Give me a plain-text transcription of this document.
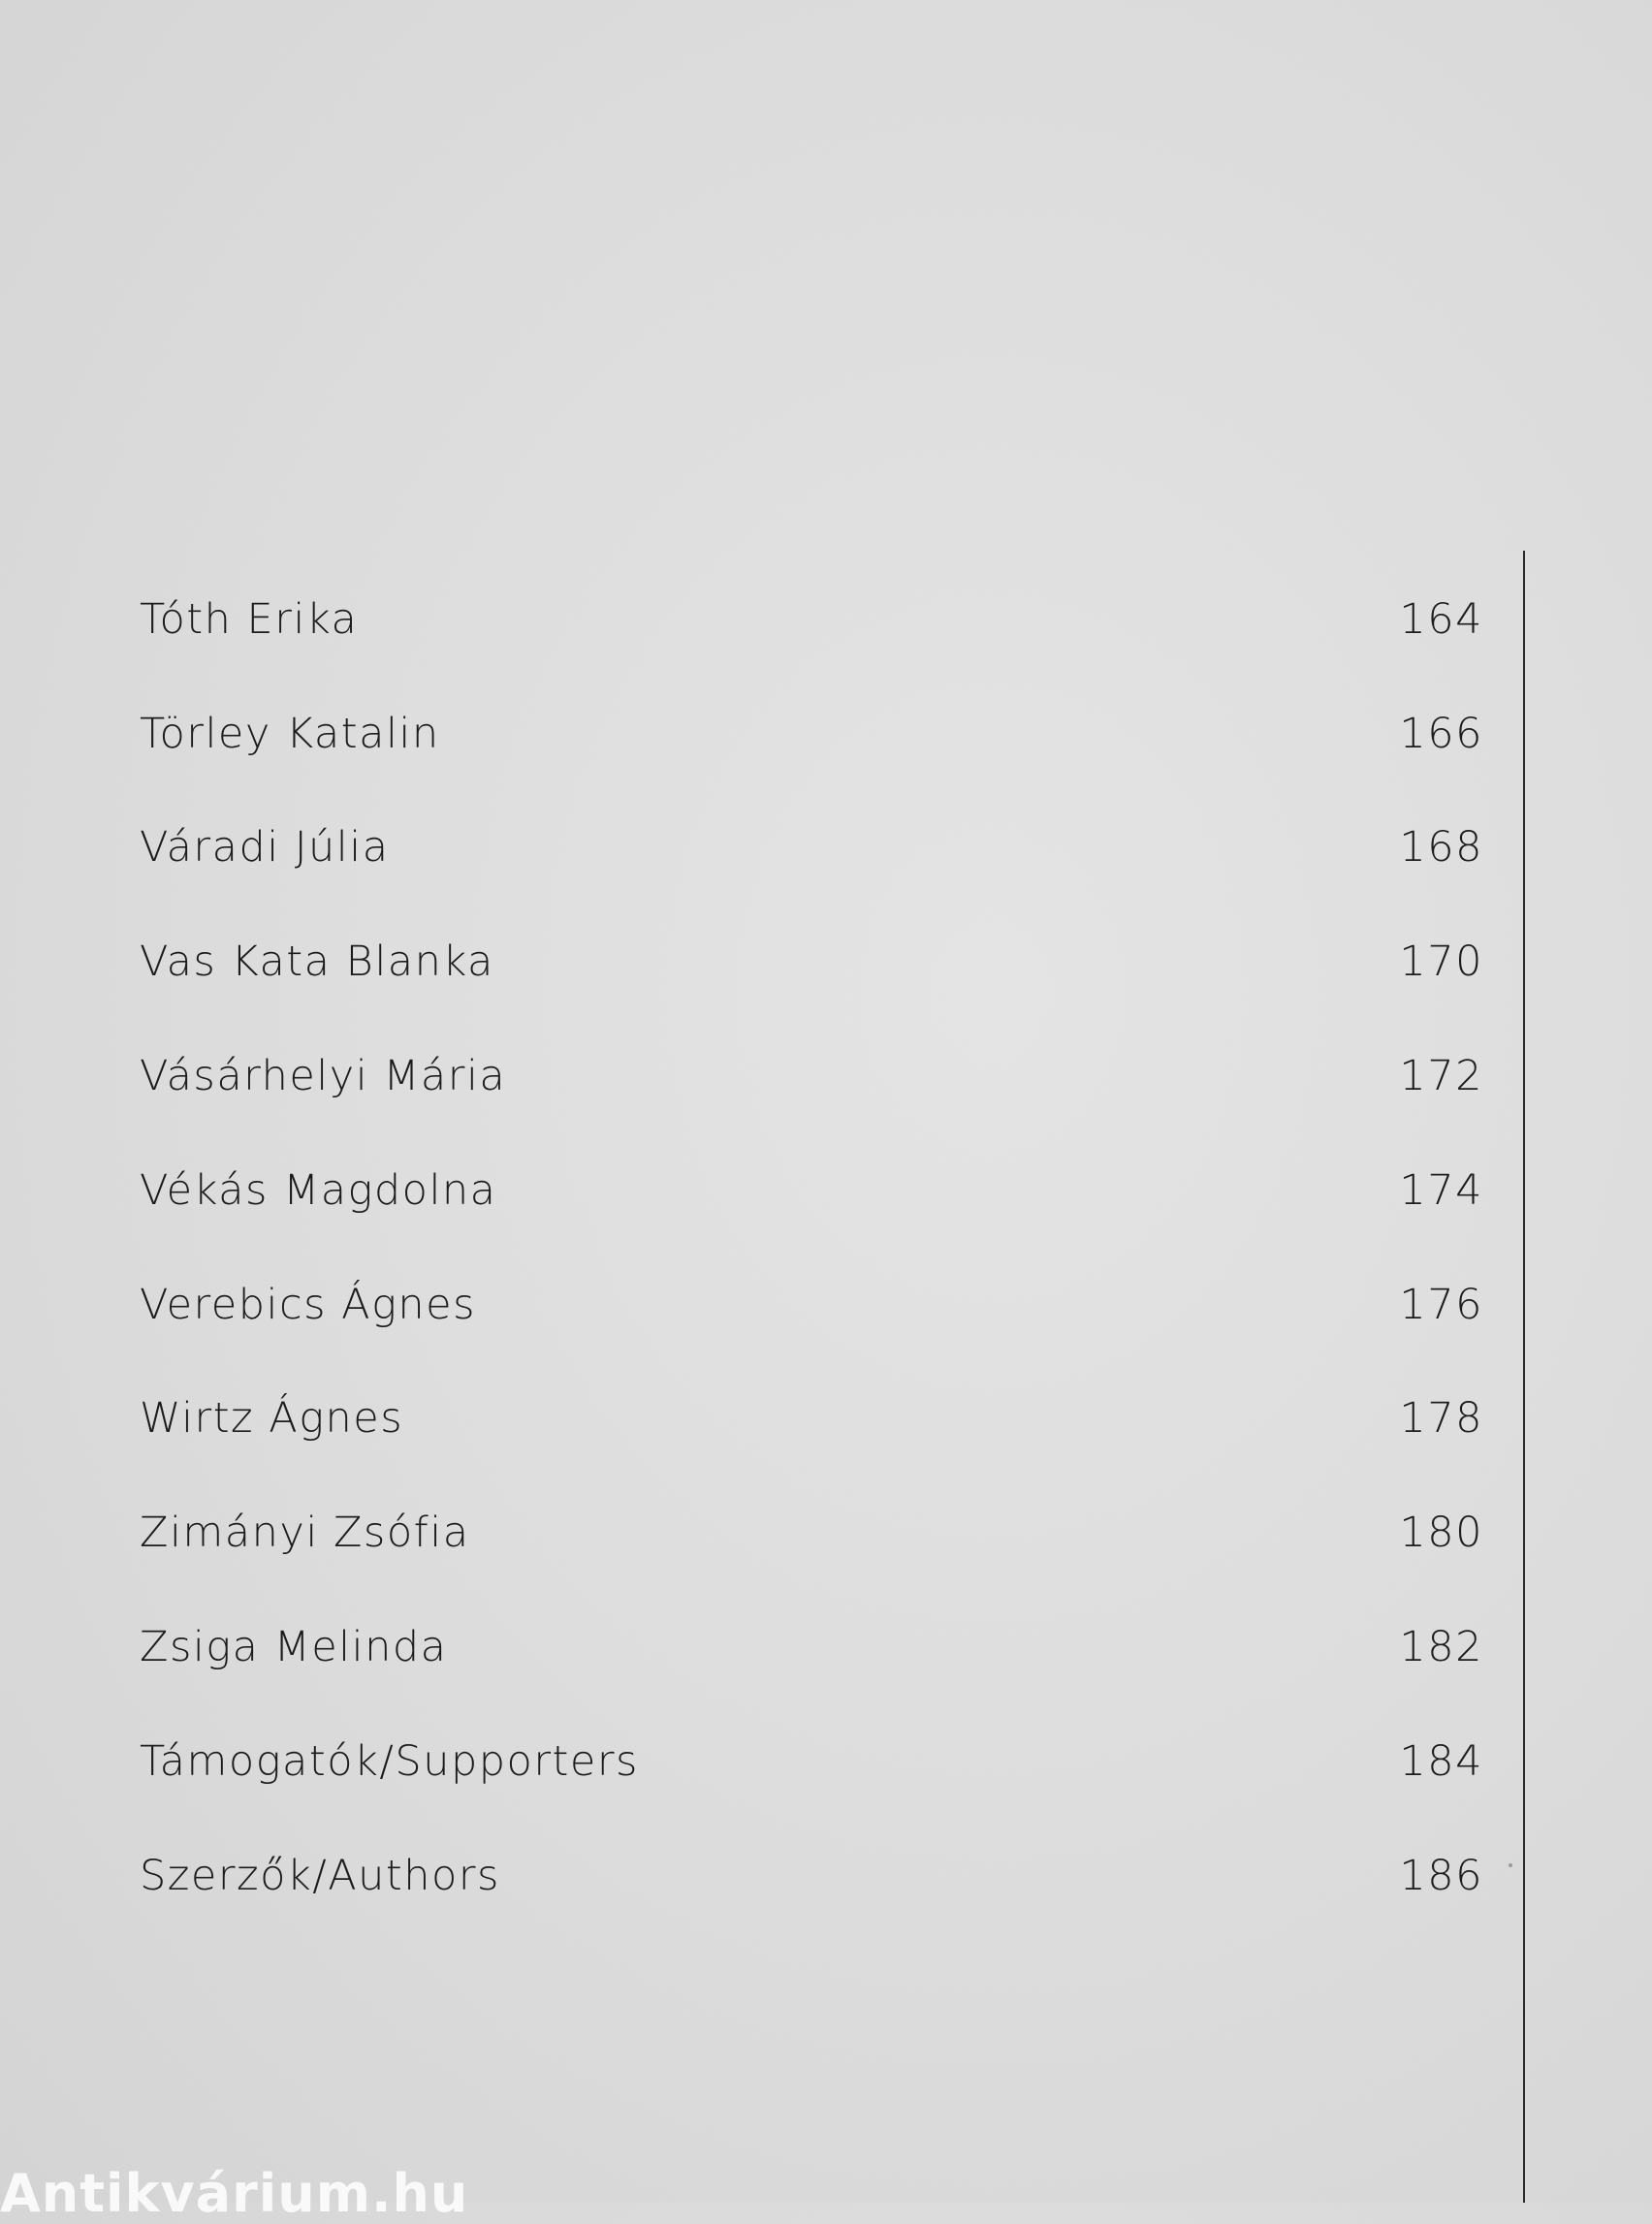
Tóth Erika	164
Törley Katalin	166
Váradi Júlia	168
Vas Kata Blanka	170
Vásárhelyi Mária	172
Vékás Magdolna	174
Verebics Ágnes	176
Wirtz Ágnes	178
Zimányi Zsófia	180
Zsiga Melinda	182
Támogatók/Supporters	184
Szerzők/Authors	186
Antikvárium.hu
